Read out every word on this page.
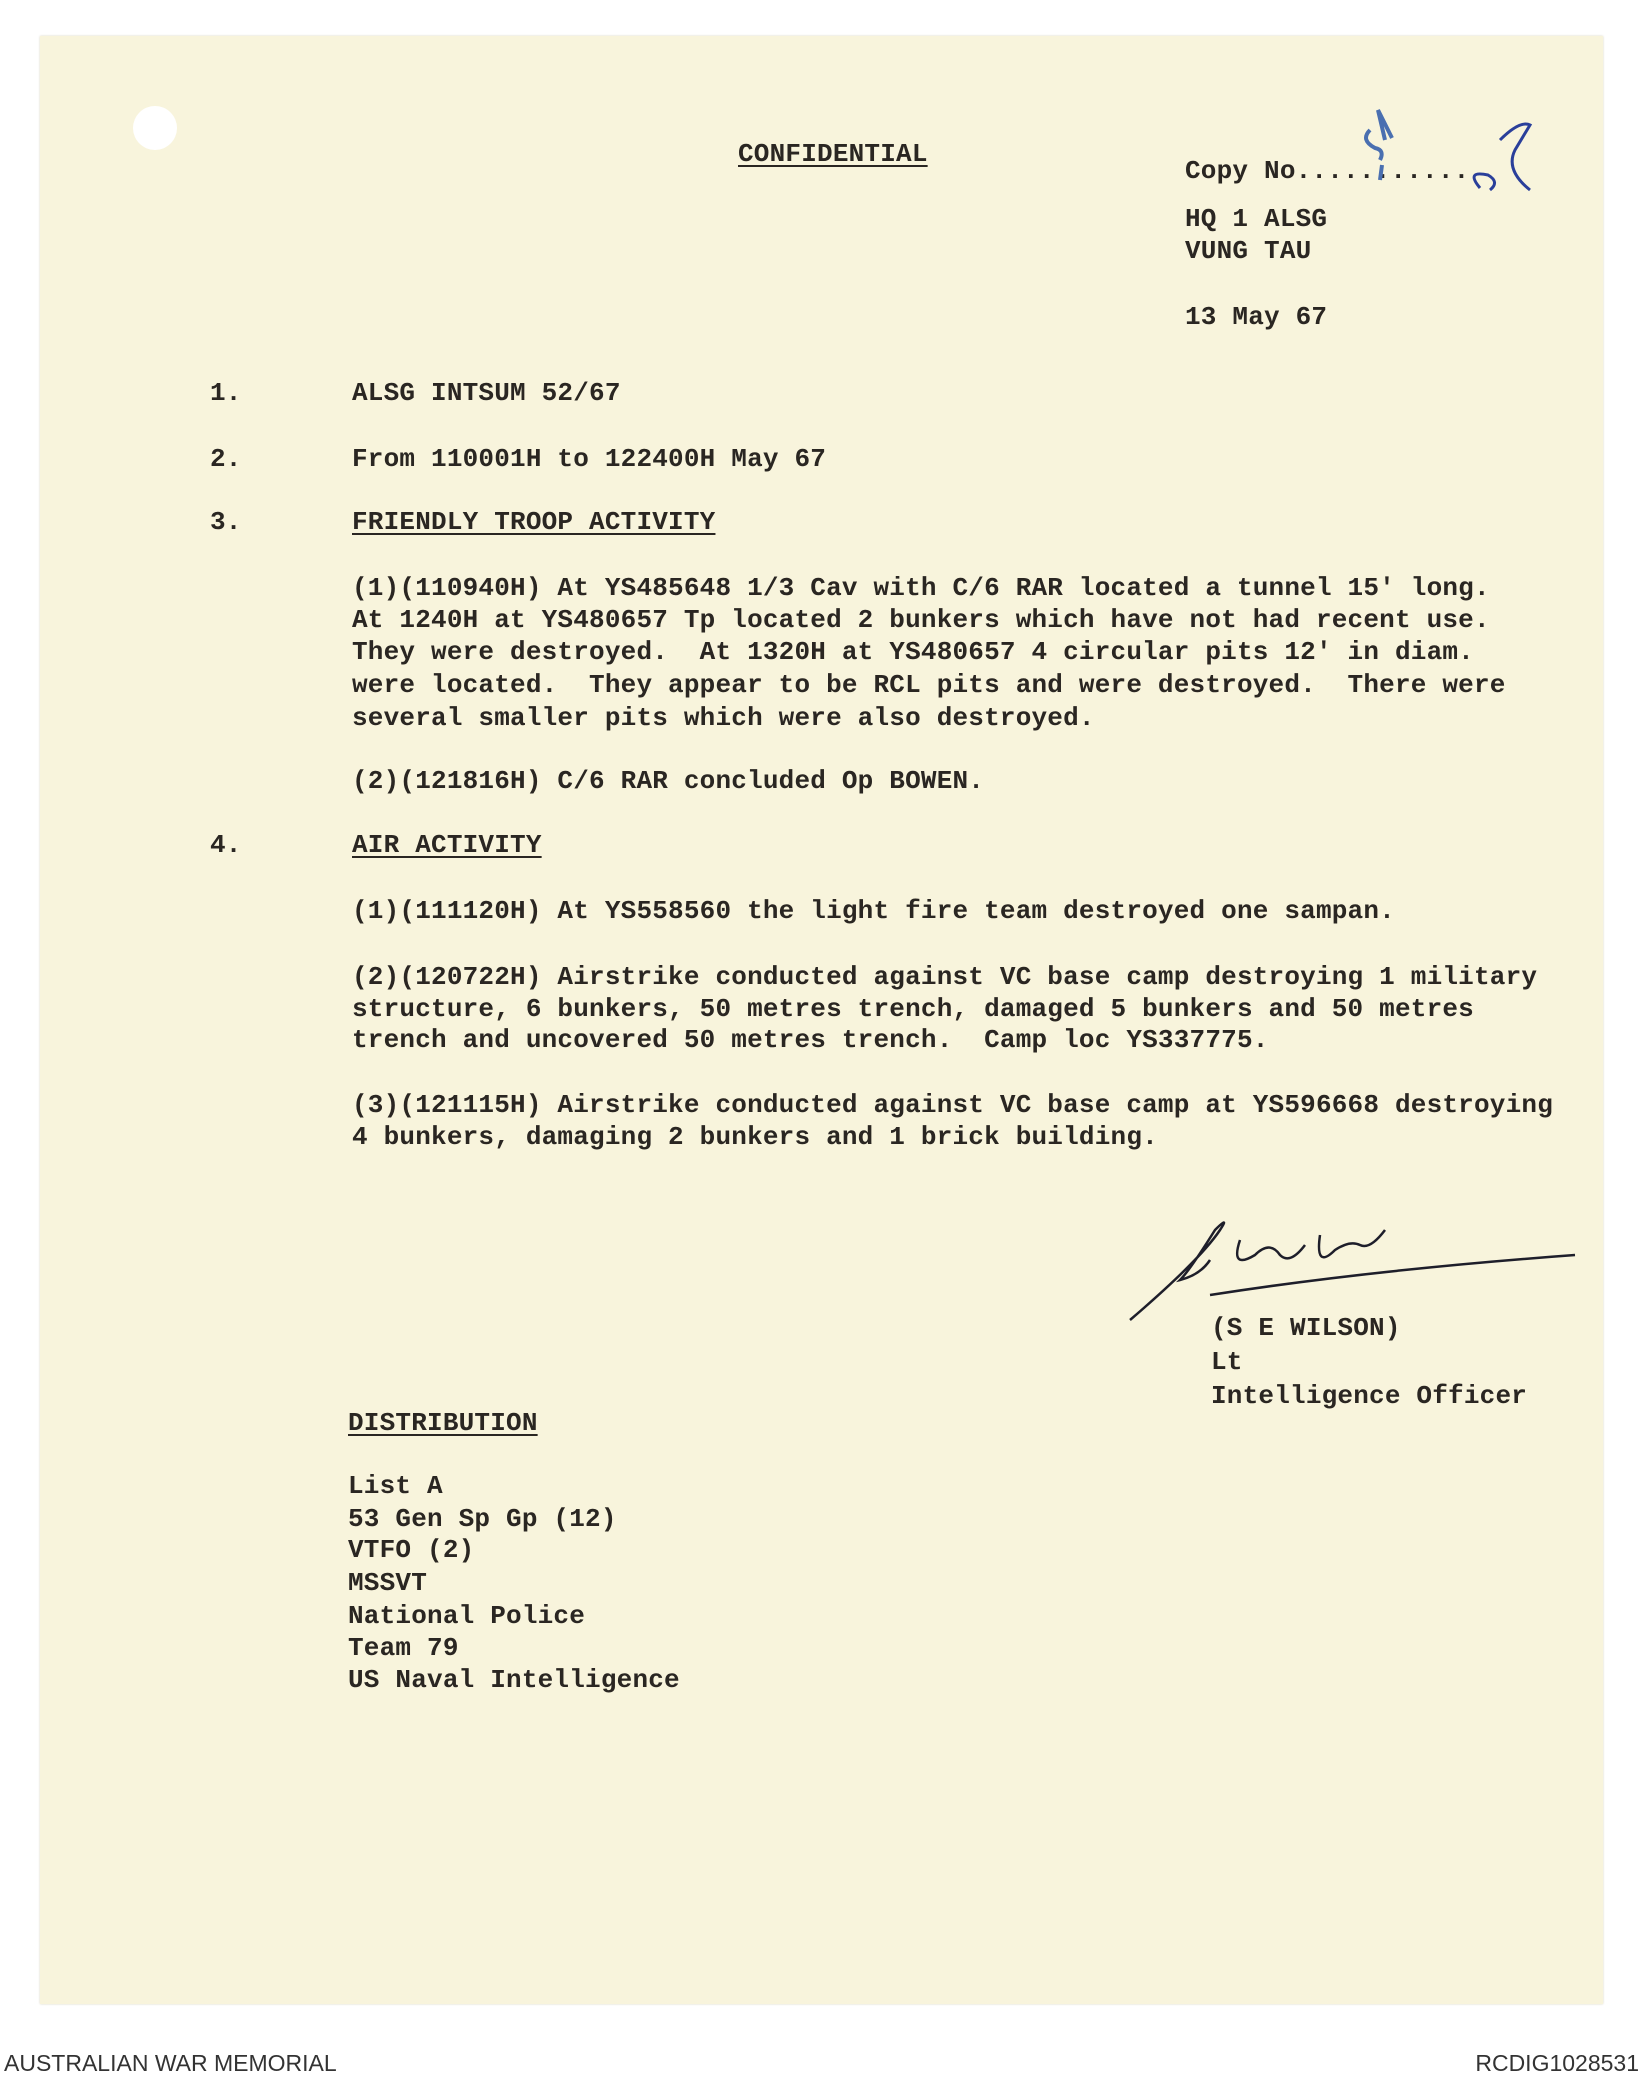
CONFIDENTIAL
Copy No...........
HQ 1 ALSG
VUNG TAU
13 May 67
1.	ALSG INTSUM 52/67
2.	From 110001H to 122400H May 67
3.	FRIENDLY TROOP ACTIVITY
(1)(110940H) At YS485648 1/3 Cav with C/6 RAR located a tunnel 15' long.
At 1240H at YS480657 Tp located 2 bunkers which have not had recent use.
They were destroyed.  At 1320H at YS480657 4 circular pits 12' in diam.
were located.  They appear to be RCL pits and were destroyed.  There were
several smaller pits which were also destroyed.
(2)(121816H) C/6 RAR concluded Op BOWEN.
4.	AIR ACTIVITY
(1)(111120H) At YS558560 the light fire team destroyed one sampan.
(2)(120722H) Airstrike conducted against VC base camp destroying 1 military
structure, 6 bunkers, 50 metres trench, damaged 5 bunkers and 50 metres
trench and uncovered 50 metres trench.  Camp loc YS337775.
(3)(121115H) Airstrike conducted against VC base camp at YS596668 destroying
4 bunkers, damaging 2 bunkers and 1 brick building.
(S E WILSON)
Lt
Intelligence Officer
DISTRIBUTION
List A
53 Gen Sp Gp (12)
VTFO (2)
MSSVT
National Police
Team 79
US Naval Intelligence
AUSTRALIAN WAR MEMORIAL	RCDIG1028531
